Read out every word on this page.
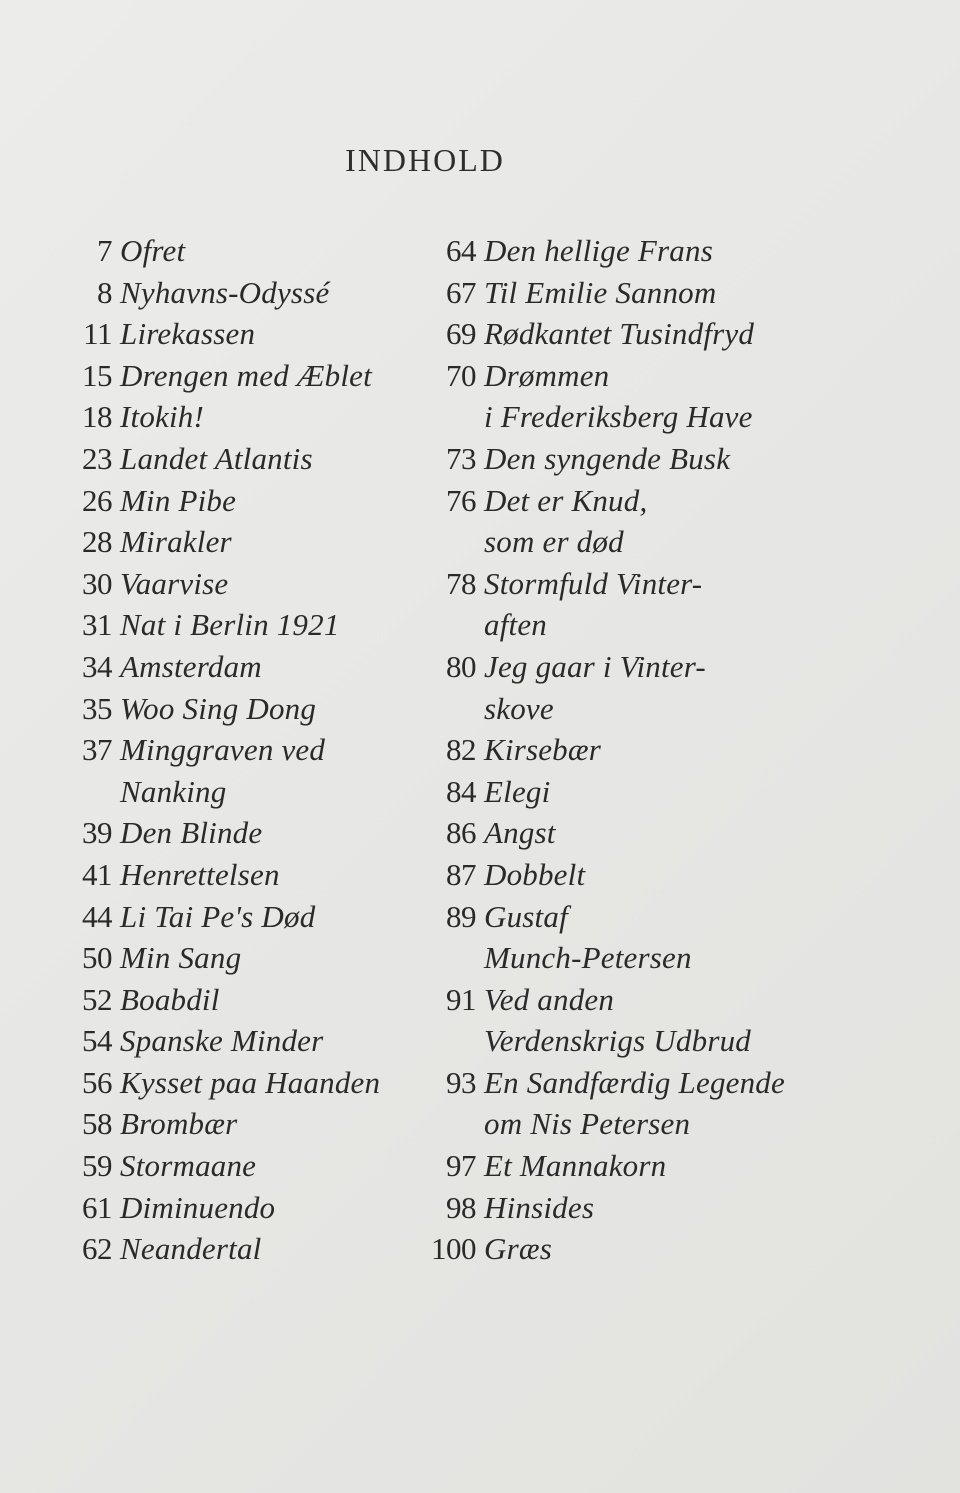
INDHOLD
7 Ofret
8 Nyhavns-Odyssé
11 Lirekassen
15 Drengen med Æblet
18 Itokih!
23 Landet Atlantis
26 Min Pibe
28 Mirakler
30 Vaarvise
31 Nat i Berlin 1921
34 Amsterdam
35 Woo Sing Dong
37 Minggraven ved
Nanking
39 Den Blinde
41 Henrettelsen
44 Li Tai Pe's Død
50 Min Sang
52 Boabdil
54 Spanske Minder
56 Kysset paa Haanden
58 Brombær
59 Stormaane
61 Diminuendo
62 Neandertal
64 Den hellige Frans
67 Til Emilie Sannom
69 Rødkantet Tusindfryd
70 Drømmen
i Frederiksberg Have
73 Den syngende Busk
76 Det er Knud,
som er død
78 Stormfuld Vinter-
aften
80 Jeg gaar i Vinter-
skove
82 Kirsebær
84 Elegi
86 Angst
87 Dobbelt
89 Gustaf
Munch-Petersen
91 Ved anden
Verdenskrigs Udbrud
93 En Sandfærdig Legende
om Nis Petersen
97 Et Mannakorn
98 Hinsides
100 Græs
